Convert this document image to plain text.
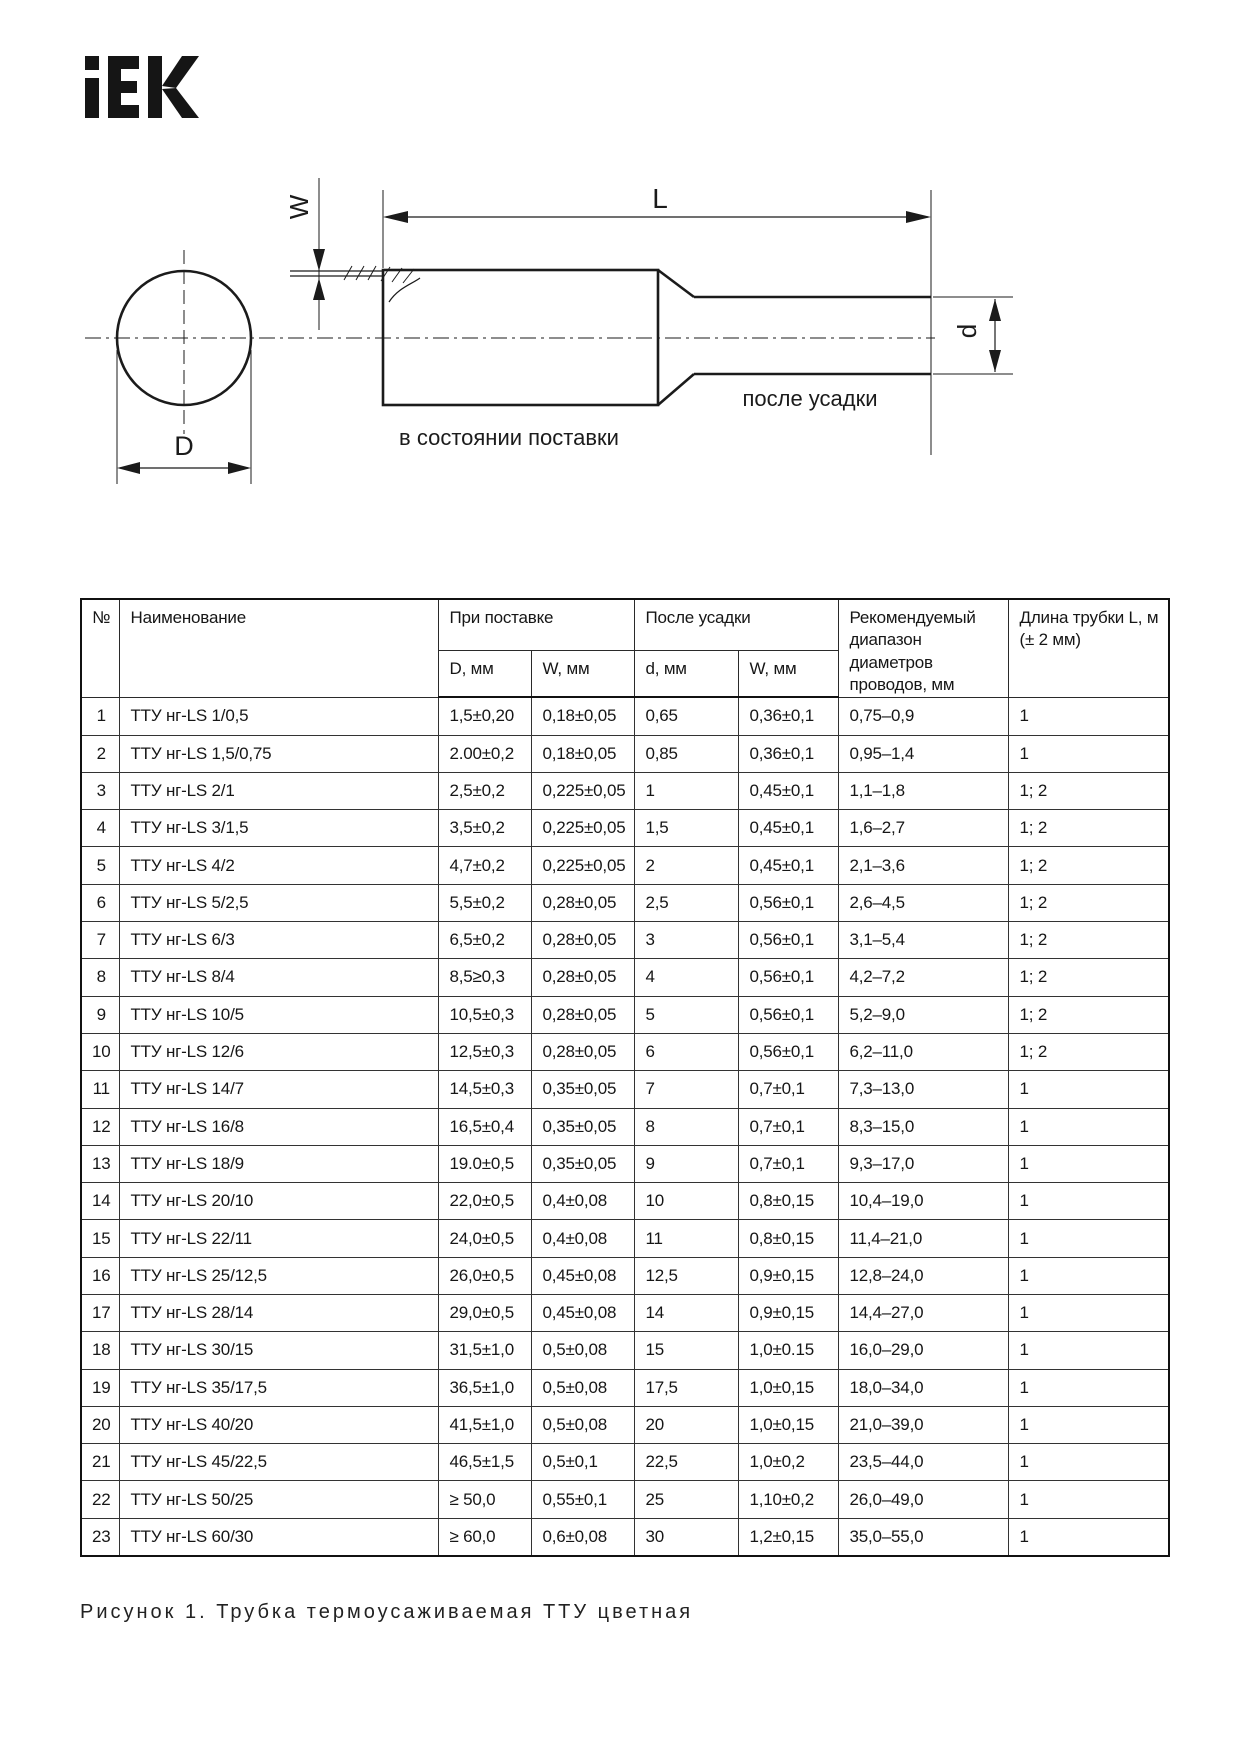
L
D
W
d
в состоянии поставки
после усадки
№	Наименование	При поставке		После усадки		Рекомендуемый диапазон диаметров проводов, мм	Длина трубки L, м (± 2 мм)
		D, мм	W, мм	d, мм	W, мм		
1	ТТУ нг-LS 1/0,5	1,5±0,20	0,18±0,05	0,65	0,36±0,1	0,75–0,9	1
2	ТТУ нг-LS 1,5/0,75	2.00±0,2	0,18±0,05	0,85	0,36±0,1	0,95–1,4	1
3	ТТУ нг-LS 2/1	2,5±0,2	0,225±0,05	1	0,45±0,1	1,1–1,8	1; 2
4	ТТУ нг-LS 3/1,5	3,5±0,2	0,225±0,05	1,5	0,45±0,1	1,6–2,7	1; 2
5	ТТУ нг-LS 4/2	4,7±0,2	0,225±0,05	2	0,45±0,1	2,1–3,6	1; 2
6	ТТУ нг-LS 5/2,5	5,5±0,2	0,28±0,05	2,5	0,56±0,1	2,6–4,5	1; 2
7	ТТУ нг-LS 6/3	6,5±0,2	0,28±0,05	3	0,56±0,1	3,1–5,4	1; 2
8	ТТУ нг-LS 8/4	8,5≥0,3	0,28±0,05	4	0,56±0,1	4,2–7,2	1; 2
9	ТТУ нг-LS 10/5	10,5±0,3	0,28±0,05	5	0,56±0,1	5,2–9,0	1; 2
10	ТТУ нг-LS 12/6	12,5±0,3	0,28±0,05	6	0,56±0,1	6,2–11,0	1; 2
11	ТТУ нг-LS 14/7	14,5±0,3	0,35±0,05	7	0,7±0,1	7,3–13,0	1
12	ТТУ нг-LS 16/8	16,5±0,4	0,35±0,05	8	0,7±0,1	8,3–15,0	1
13	ТТУ нг-LS 18/9	19.0±0,5	0,35±0,05	9	0,7±0,1	9,3–17,0	1
14	ТТУ нг-LS 20/10	22,0±0,5	0,4±0,08	10	0,8±0,15	10,4–19,0	1
15	ТТУ нг-LS 22/11	24,0±0,5	0,4±0,08	11	0,8±0,15	11,4–21,0	1
16	ТТУ нг-LS 25/12,5	26,0±0,5	0,45±0,08	12,5	0,9±0,15	12,8–24,0	1
17	ТТУ нг-LS 28/14	29,0±0,5	0,45±0,08	14	0,9±0,15	14,4–27,0	1
18	ТТУ нг-LS 30/15	31,5±1,0	0,5±0,08	15	1,0±0.15	16,0–29,0	1
19	ТТУ нг-LS 35/17,5	36,5±1,0	0,5±0,08	17,5	1,0±0,15	18,0–34,0	1
20	ТТУ нг-LS 40/20	41,5±1,0	0,5±0,08	20	1,0±0,15	21,0–39,0	1
21	ТТУ нг-LS 45/22,5	46,5±1,5	0,5±0,1	22,5	1,0±0,2	23,5–44,0	1
22	ТТУ нг-LS 50/25	≥ 50,0	0,55±0,1	25	1,10±0,2	26,0–49,0	1
23	ТТУ нг-LS 60/30	≥ 60,0	0,6±0,08	30	1,2±0,15	35,0–55,0	1
Рисунок 1. Трубка термоусаживаемая ТТУ цветная
